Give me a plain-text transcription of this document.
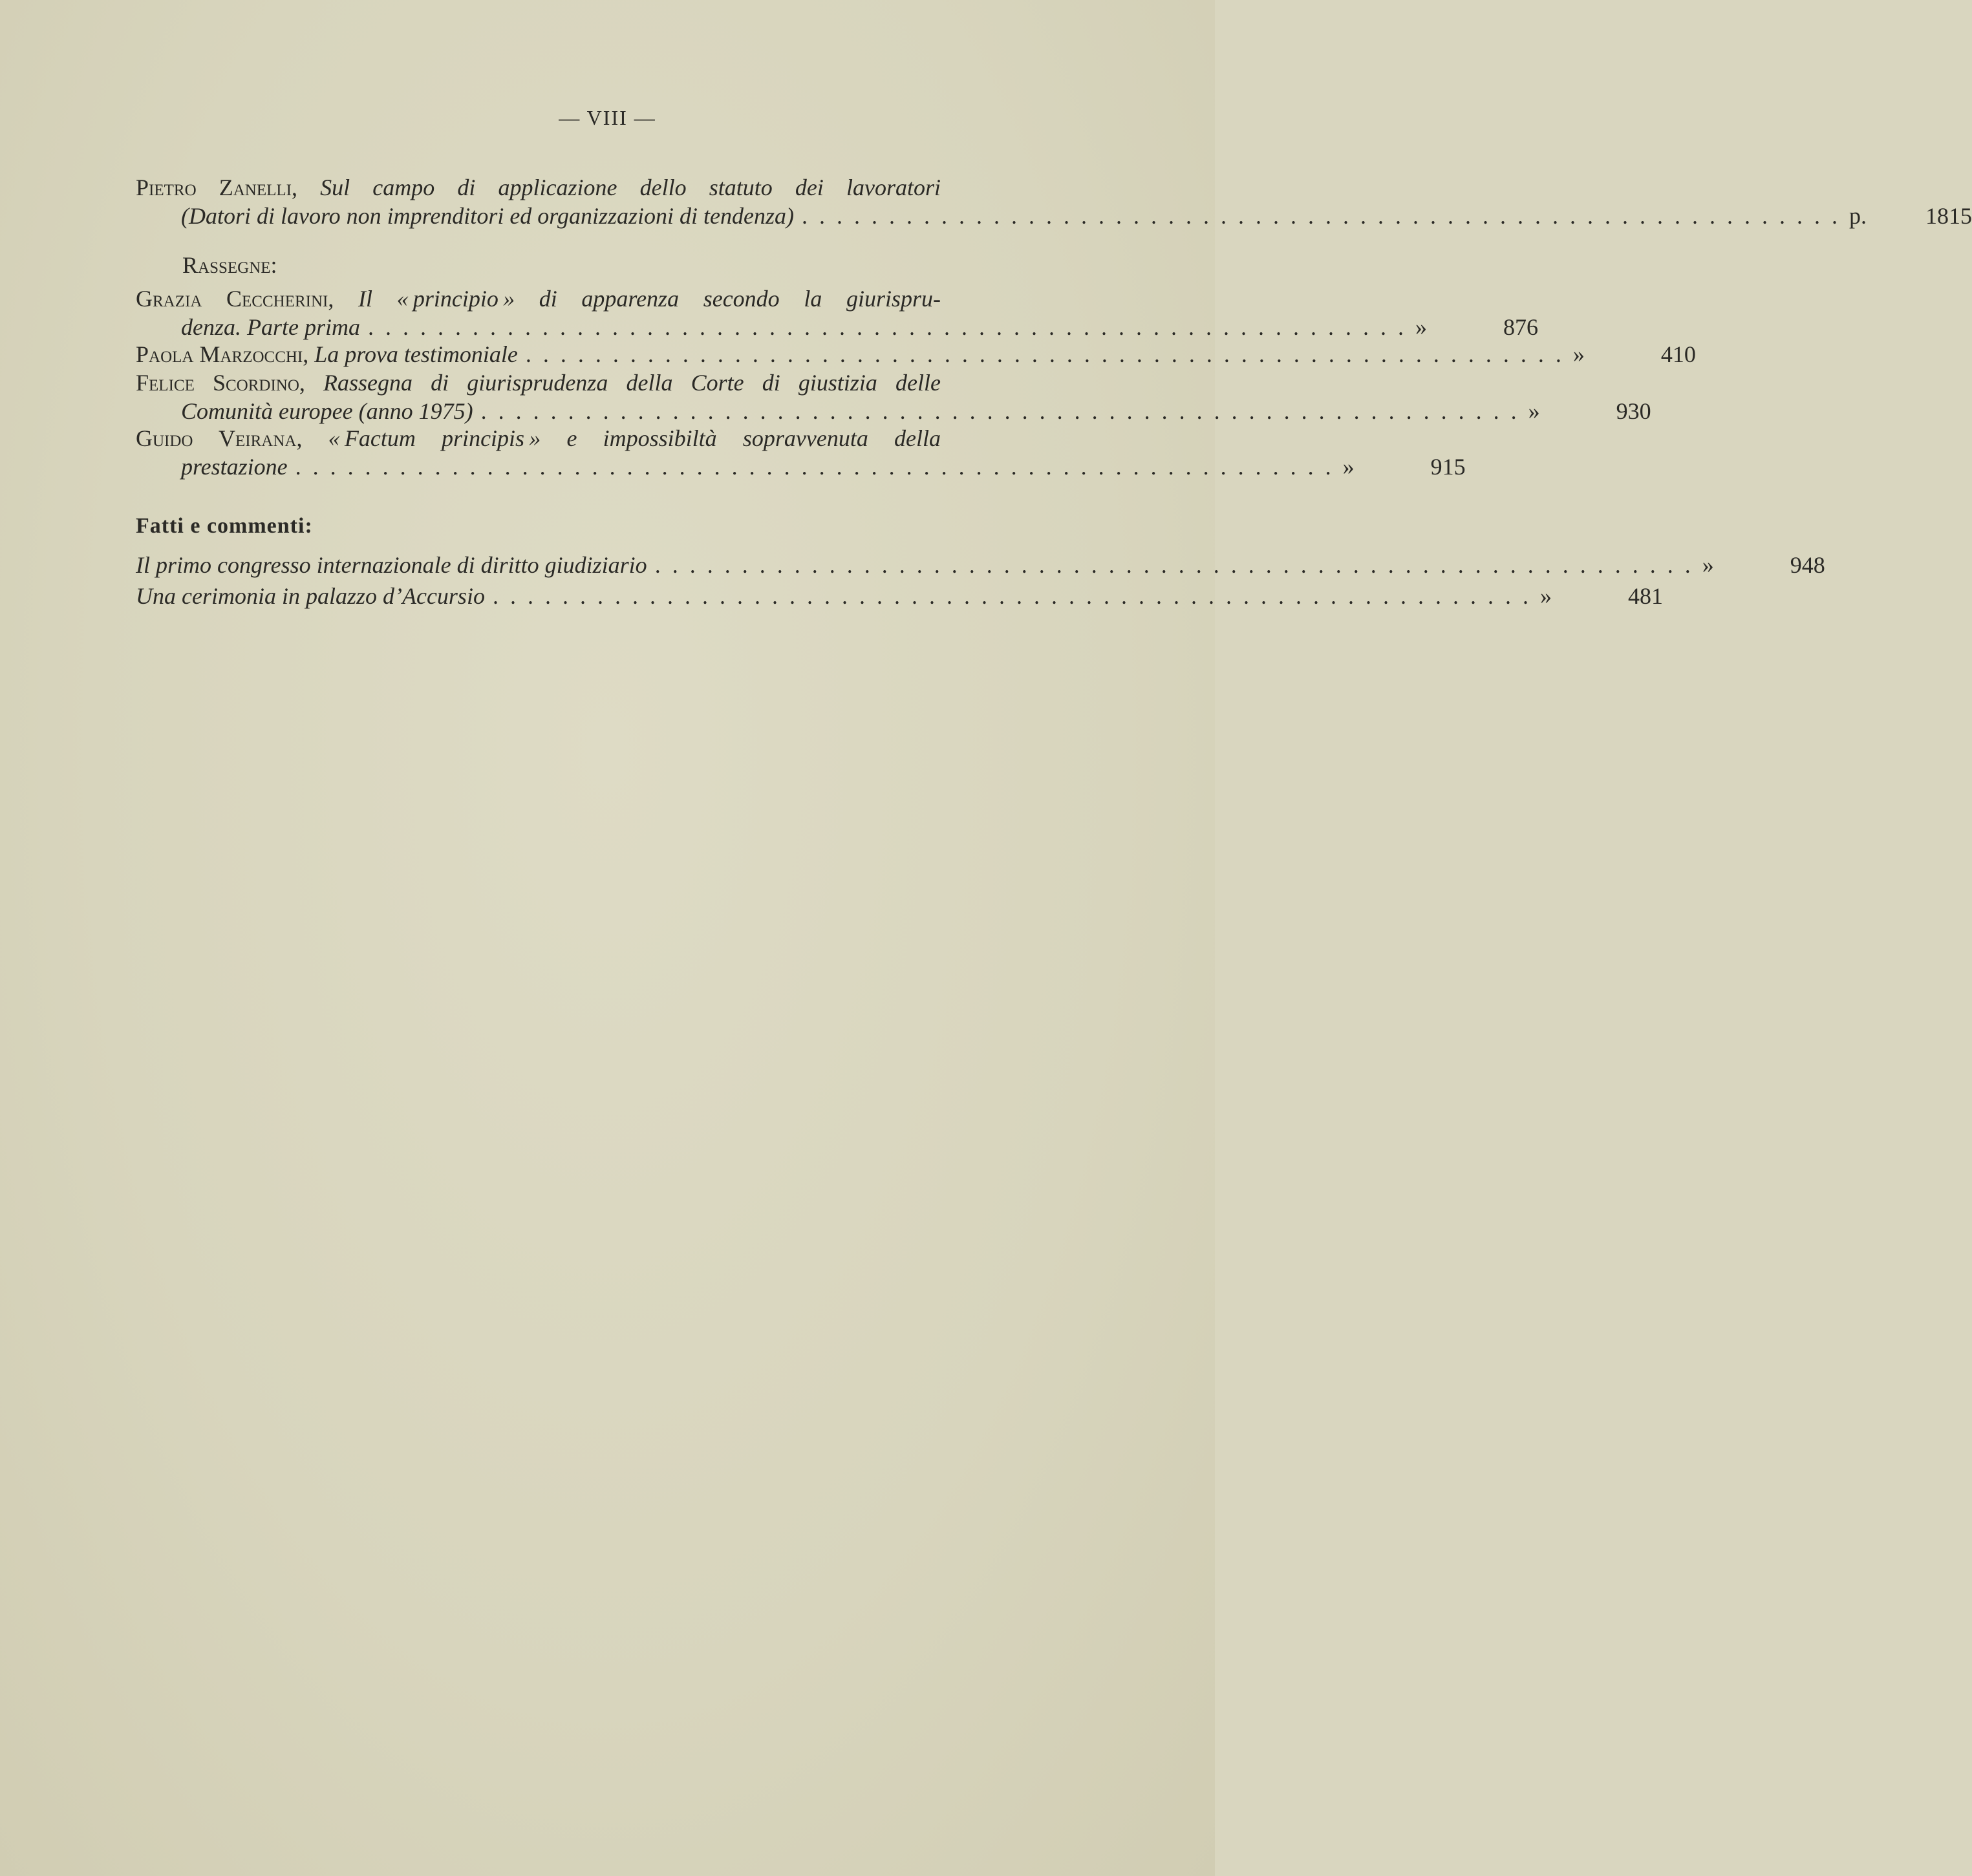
— VIII —
Pietro Zanelli, Sul campo di applicazione dello statuto dei lavoratori
(Datori di lavoro non imprenditori ed organizzazioni di tendenza) ............................................................ p.	1815
Rassegne:
Grazia Ceccherini, Il «  principio  » di apparenza secondo la giurispru-
denza. Parte prima ............................................................ »	876
Paola Marzocchi, La prova testimoniale ............................................................ »	410
Felice Scordino, Rassegna di giurisprudenza della Corte di giustizia delle
Comunità europee (anno 1975) ............................................................ »	930
Guido Veirana, «  Factum principis  » e impossibiltà sopravvenuta della
prestazione ............................................................ »	915
Fatti e commenti:
Il primo congresso internazionale di diritto giudiziario ............................................................ »	948
Una cerimonia in palazzo d’Accursio ............................................................ »	481
